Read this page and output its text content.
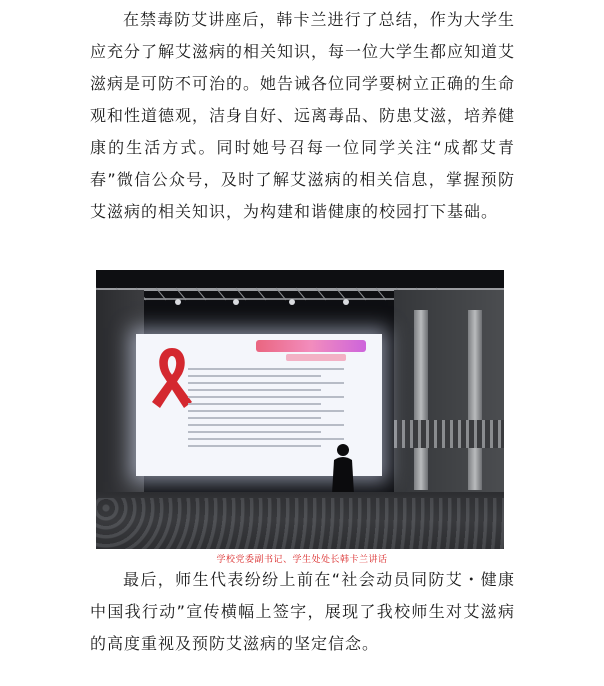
在禁毒防艾讲座后，韩卡兰进行了总结，作为大学生应充分了解艾滋病的相关知识，每一位大学生都应知道艾滋病是可防不可治的。她告诫各位同学要树立正确的生命观和性道德观，洁身自好、远离毒品、防患艾滋，培养健康的生活方式。同时她号召每一位同学关注“成都艾青春”微信公众号，及时了解艾滋病的相关信息，掌握预防艾滋病的相关知识，为构建和谐健康的校园打下基础。

学校党委副书记、学生处处长韩卡兰讲话

最后，师生代表纷纷上前在“社会动员同防艾・健康中国我行动”宣传横幅上签字，展现了我校师生对艾滋病的高度重视及预防艾滋病的坚定信念。
